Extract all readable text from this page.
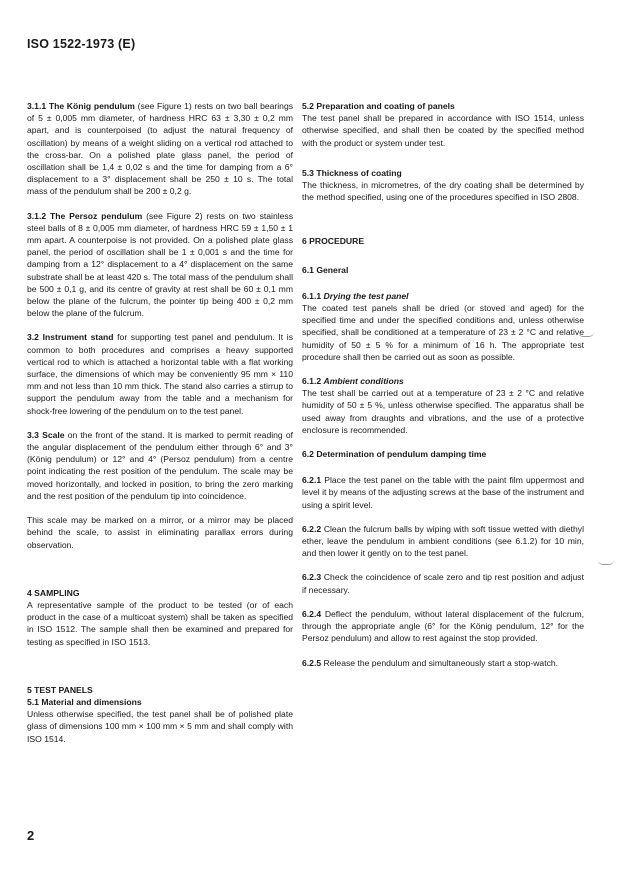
ISO 1522-1973 (E)

3.1.1 The König pendulum (see Figure 1) rests on two ball bearings of 5 ± 0,005 mm diameter, of hardness HRC 63 ± 3,30 ± 0,2 mm apart, and is counterpoised (to adjust the natural frequency of oscillation) by means of a weight sliding on a vertical rod attached to the cross-bar. On a polished plate glass panel, the period of oscillation shall be 1,4 ± 0,02 s and the time for damping from a 6° displacement to a 3° displacement shall be 250 ± 10 s. The total mass of the pendulum shall be 200 ± 0,2 g.

3.1.2 The Persoz pendulum (see Figure 2) rests on two stainless steel balls of 8 ± 0,005 mm diameter, of hardness HRC 59 ± 1,50 ± 1 mm apart. A counterpoise is not provided. On a polished plate glass panel, the period of oscillation shall be 1 ± 0,001 s and the time for damping from a 12° displacement to a 4° displacement on the same substrate shall be at least 420 s. The total mass of the pendulum shall be 500 ± 0,1 g, and its centre of gravity at rest shall be 60 ± 0,1 mm below the plane of the fulcrum, the pointer tip being 400 ± 0,2 mm below the plane of the fulcrum.

3.2 Instrument stand for supporting test panel and pendulum. It is common to both procedures and comprises a heavy supported vertical rod to which is attached a horizontal table with a flat working surface, the dimensions of which may be conveniently 95 mm × 110 mm and not less than 10 mm thick. The stand also carries a stirrup to support the pendulum away from the table and a mechanism for shock-free lowering of the pendulum on to the test panel.

3.3 Scale on the front of the stand. It is marked to permit reading of the angular displacement of the pendulum either through 6° and 3° (König pendulum) or 12° and 4° (Persoz pendulum) from a centre point indicating the rest position of the pendulum. The scale may be moved horizontally, and locked in position, to bring the zero marking and the rest position of the pendulum tip into coincidence.

This scale may be marked on a mirror, or a mirror may be placed behind the scale, to assist in eliminating parallax errors during observation.

4 SAMPLING

A representative sample of the product to be tested (or of each product in the case of a multicoat system) shall be taken as specified in ISO 1512. The sample shall then be examined and prepared for testing as specified in ISO 1513.

5 TEST PANELS

5.1 Material and dimensions

Unless otherwise specified, the test panel shall be of polished plate glass of dimensions 100 mm × 100 mm × 5 mm and shall comply with ISO 1514.

5.2 Preparation and coating of panels

The test panel shall be prepared in accordance with ISO 1514, unless otherwise specified, and shall then be coated by the specified method with the product or system under test.

5.3 Thickness of coating

The thickness, in micrometres, of the dry coating shall be determined by the method specified, using one of the procedures specified in ISO 2808.

6 PROCEDURE

6.1 General

6.1.1 Drying the test panel

The coated test panels shall be dried (or stoved and aged) for the specified time and under the specified conditions and, unless otherwise specified, shall be conditioned at a temperature of 23 ± 2 °C and relative humidity of 50 ± 5 % for a minimum of 16 h. The appropriate test procedure shall then be carried out as soon as possible.

6.1.2 Ambient conditions

The test shall be carried out at a temperature of 23 ± 2 °C and relative humidity of 50 ± 5 %, unless otherwise specified. The apparatus shall be used away from draughts and vibrations, and the use of a protective enclosure is recommended.

6.2 Determination of pendulum damping time

6.2.1 Place the test panel on the table with the paint film uppermost and level it by means of the adjusting screws at the base of the instrument and using a spirit level.

6.2.2 Clean the fulcrum balls by wiping with soft tissue wetted with diethyl ether, leave the pendulum in ambient conditions (see 6.1.2) for 10 min, and then lower it gently on to the test panel.

6.2.3 Check the coincidence of scale zero and tip rest position and adjust if necessary.

6.2.4 Deflect the pendulum, without lateral displacement of the fulcrum, through the appropriate angle (6° for the König pendulum, 12° for the Persoz pendulum) and allow to rest against the stop provided.

6.2.5 Release the pendulum and simultaneously start a stop-watch.

2
